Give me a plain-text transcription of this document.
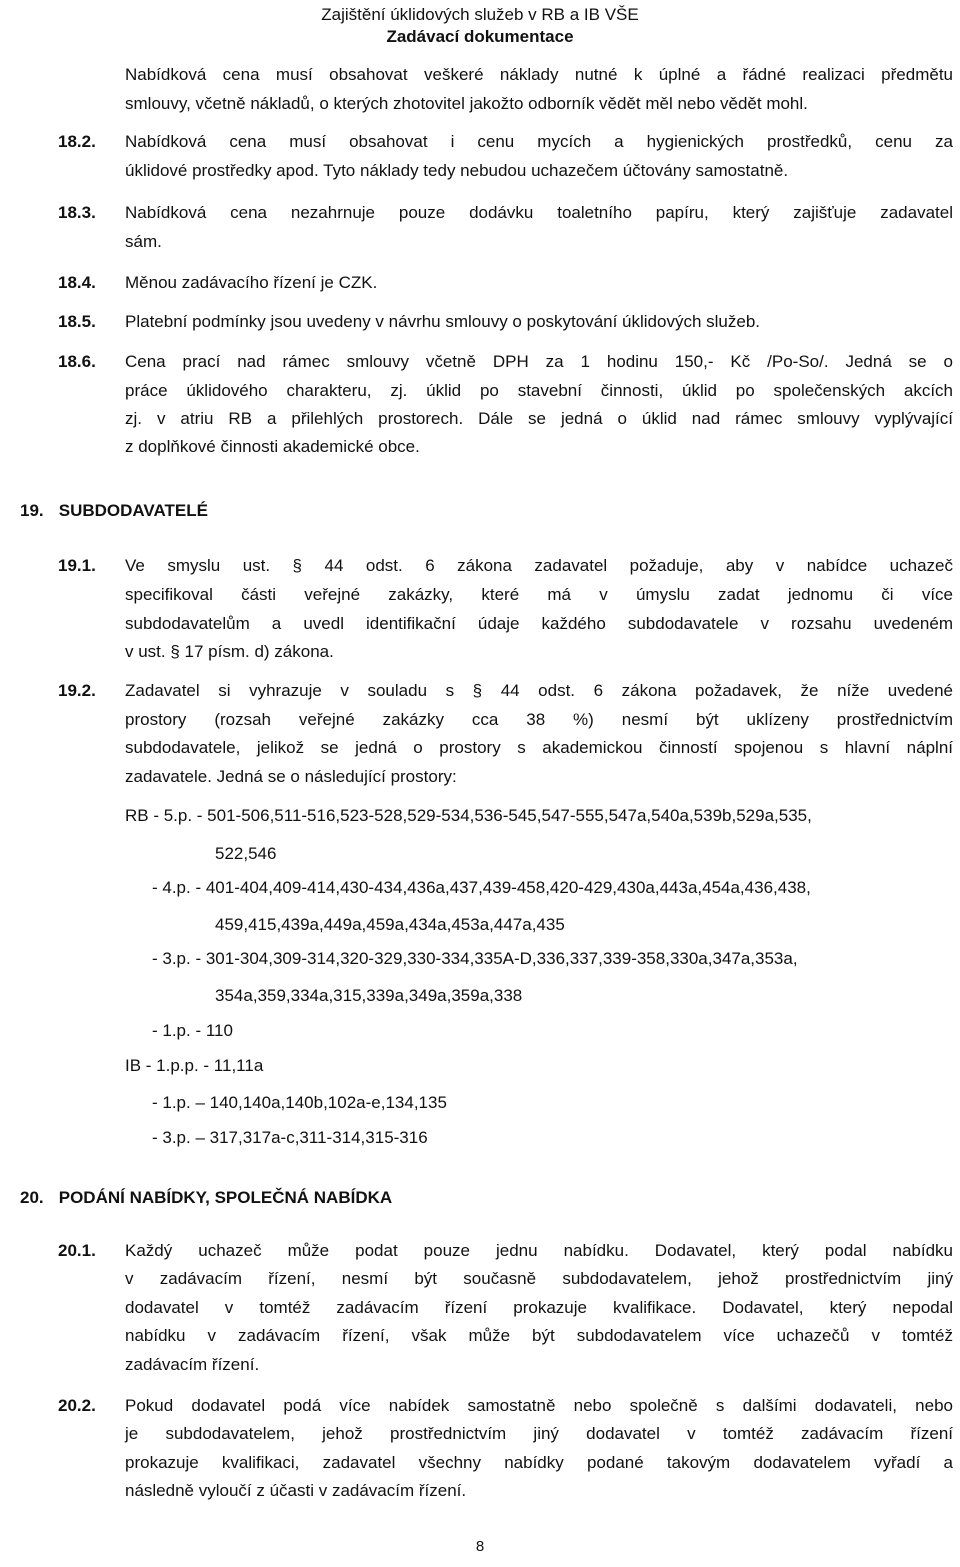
Zajištění úklidových služeb v RB a IB VŠE
Zadávací dokumentace
Nabídková cena musí obsahovat veškeré náklady nutné k úplné a řádné realizaci předmětu
smlouvy, včetně nákladů, o kterých zhotovitel jakožto odborník vědět měl nebo vědět mohl.
18.2. Nabídková cena musí obsahovat i cenu mycích a hygienických prostředků, cenu za
úklidové prostředky apod. Tyto náklady tedy nebudou uchazečem účtovány samostatně.
18.3. Nabídková cena nezahrnuje pouze dodávku toaletního papíru, který zajišťuje zadavatel
sám.
18.4. Měnou zadávacího řízení je CZK.
18.5. Platební podmínky jsou uvedeny v návrhu smlouvy o poskytování úklidových služeb.
18.6. Cena prací nad rámec smlouvy včetně DPH za 1 hodinu 150,- Kč /Po-So/. Jedná se o
práce úklidového charakteru, zj. úklid po stavební činnosti, úklid po společenských akcích
zj. v atriu RB a přilehlých prostorech. Dále se jedná o úklid nad rámec smlouvy vyplývající
z doplňkové činnosti akademické obce.
19. SUBDODAVATELÉ
19.1. Ve smyslu ust. § 44 odst. 6 zákona zadavatel požaduje, aby v nabídce uchazeč
specifikoval části veřejné zakázky, které má v úmyslu zadat jednomu či více
subdodavatelům a uvedl identifikační údaje každého subdodavatele v rozsahu uvedeném
v ust. § 17 písm. d) zákona.
19.2. Zadavatel si vyhrazuje v souladu s § 44 odst. 6 zákona požadavek, že níže uvedené
prostory (rozsah veřejné zakázky cca 38 %) nesmí být uklízeny prostřednictvím
subdodavatele, jelikož se jedná o prostory s akademickou činností spojenou s hlavní náplní
zadavatele. Jedná se o následující prostory:
RB - 5.p. - 501-506,511-516,523-528,529-534,536-545,547-555,547a,540a,539b,529a,535,
522,546
- 4.p. - 401-404,409-414,430-434,436a,437,439-458,420-429,430a,443a,454a,436,438,
459,415,439a,449a,459a,434a,453a,447a,435
- 3.p. - 301-304,309-314,320-329,330-334,335A-D,336,337,339-358,330a,347a,353a,
354a,359,334a,315,339a,349a,359a,338
- 1.p. - 110
IB - 1.p.p. - 11,11a
- 1.p. – 140,140a,140b,102a-e,134,135
- 3.p. – 317,317a-c,311-314,315-316
20. PODÁNÍ NABÍDKY, SPOLEČNÁ NABÍDKA
20.1. Každý uchazeč může podat pouze jednu nabídku. Dodavatel, který podal nabídku
v zadávacím řízení, nesmí být současně subdodavatelem, jehož prostřednictvím jiný
dodavatel v tomtéž zadávacím řízení prokazuje kvalifikace. Dodavatel, který nepodal
nabídku v zadávacím řízení, však může být subdodavatelem více uchazečů v tomtéž
zadávacím řízení.
20.2. Pokud dodavatel podá více nabídek samostatně nebo společně s dalšími dodavateli, nebo
je subdodavatelem, jehož prostřednictvím jiný dodavatel v tomtéž zadávacím řízení
prokazuje kvalifikaci, zadavatel všechny nabídky podané takovým dodavatelem vyřadí a
následně vyloučí z účasti v zadávacím řízení.
8
